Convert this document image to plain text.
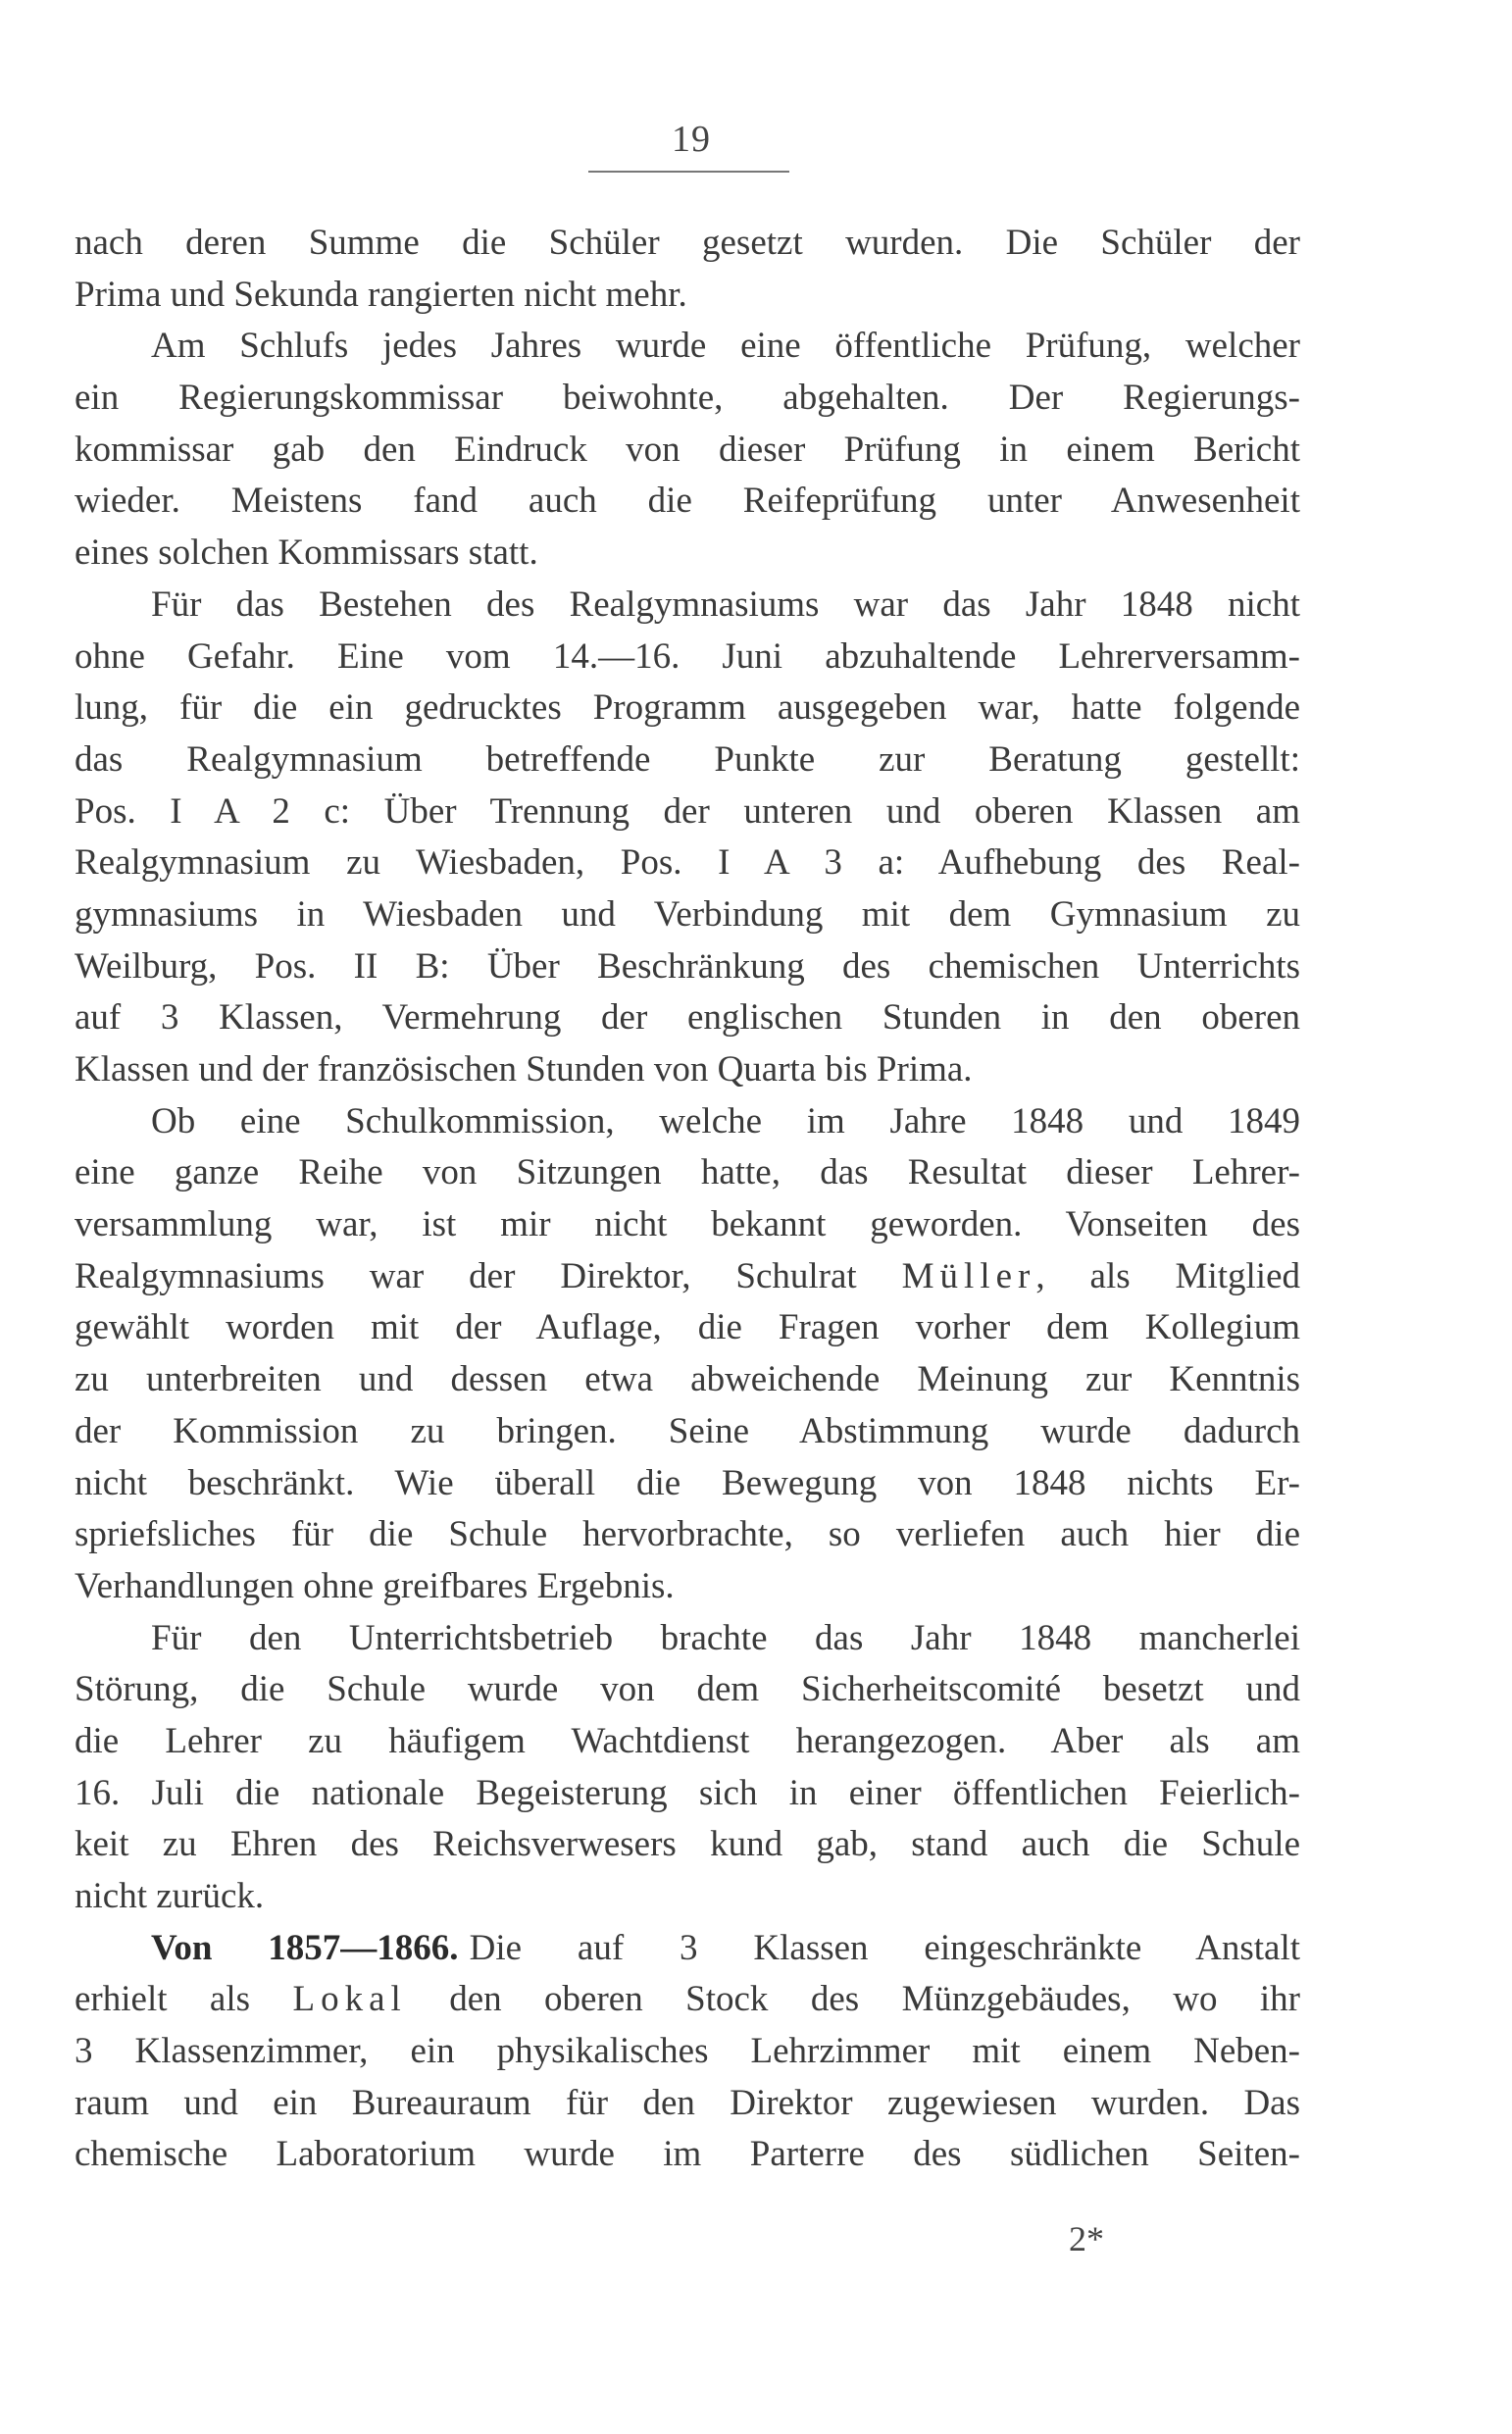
19
nach deren Summe die Schüler gesetzt wurden. Die Schüler der
Prima und Sekunda rangierten nicht mehr.
Am Schlufs jedes Jahres wurde eine öffentliche Prüfung, welcher
ein Regierungskommissar beiwohnte, abgehalten. Der Regierungs-
kommissar gab den Eindruck von dieser Prüfung in einem Bericht
wieder. Meistens fand auch die Reifeprüfung unter Anwesenheit
eines solchen Kommissars statt.
Für das Bestehen des Realgymnasiums war das Jahr 1848 nicht
ohne Gefahr. Eine vom 14.—16. Juni abzuhaltende Lehrerversamm-
lung, für die ein gedrucktes Programm ausgegeben war, hatte folgende
das Realgymnasium betreffende Punkte zur Beratung gestellt:
Pos. I A 2 c: Über Trennung der unteren und oberen Klassen am
Realgymnasium zu Wiesbaden, Pos. I A 3 a: Aufhebung des Real-
gymnasiums in Wiesbaden und Verbindung mit dem Gymnasium zu
Weilburg, Pos. II B: Über Beschränkung des chemischen Unterrichts
auf 3 Klassen, Vermehrung der englischen Stunden in den oberen
Klassen und der französischen Stunden von Quarta bis Prima.
Ob eine Schulkommission, welche im Jahre 1848 und 1849
eine ganze Reihe von Sitzungen hatte, das Resultat dieser Lehrer-
versammlung war, ist mir nicht bekannt geworden. Vonseiten des
Realgymnasiums war der Direktor, Schulrat Müller, als Mitglied
gewählt worden mit der Auflage, die Fragen vorher dem Kollegium
zu unterbreiten und dessen etwa abweichende Meinung zur Kenntnis
der Kommission zu bringen. Seine Abstimmung wurde dadurch
nicht beschränkt. Wie überall die Bewegung von 1848 nichts Er-
spriefsliches für die Schule hervorbrachte, so verliefen auch hier die
Verhandlungen ohne greifbares Ergebnis.
Für den Unterrichtsbetrieb brachte das Jahr 1848 mancherlei
Störung, die Schule wurde von dem Sicherheitscomité besetzt und
die Lehrer zu häufigem Wachtdienst herangezogen. Aber als am
16. Juli die nationale Begeisterung sich in einer öffentlichen Feierlich-
keit zu Ehren des Reichsverwesers kund gab, stand auch die Schule
nicht zurück.
Von 1857—1866. Die auf 3 Klassen eingeschränkte Anstalt
erhielt als Lokal den oberen Stock des Münzgebäudes, wo ihr
3 Klassenzimmer, ein physikalisches Lehrzimmer mit einem Neben-
raum und ein Bureauraum für den Direktor zugewiesen wurden. Das
chemische Laboratorium wurde im Parterre des südlichen Seiten-
2*
